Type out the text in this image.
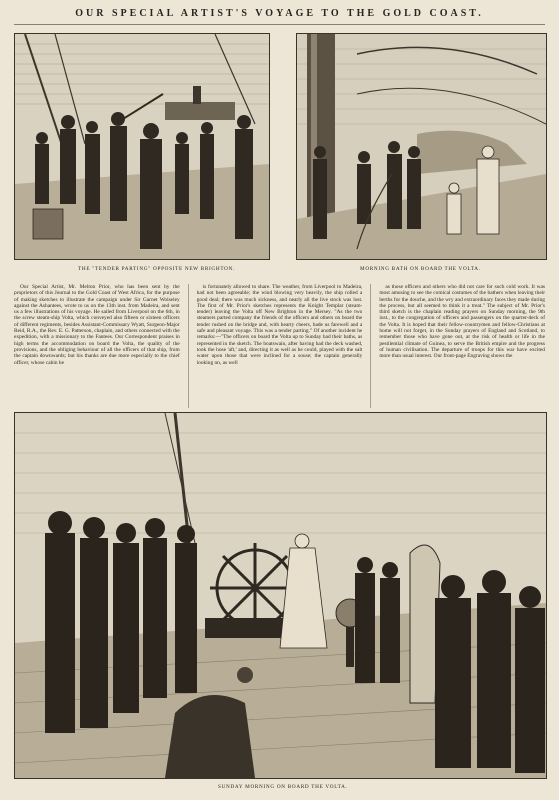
OUR SPECIAL ARTIST'S VOYAGE TO THE GOLD COAST.
THE "TENDER PARTING" OPPOSITE NEW BRIGHTON.	MORNING BATH ON BOARD THE VOLTA.

Our Special Artist, Mr. Melton Prior, who has been sent by the proprietors of this Journal to the Gold Coast of West Africa, for the purpose of making sketches to illustrate the campaign under Sir Garnet Wolseley against the Ashantees, wrote to us on the 13th inst. from Madeira, and sent us a few illustrations of his voyage. He sailed from Liverpool on the 6th, in the screw steam-ship Volta, which conveyed also fifteen or sixteen officers of different regiments, besides Assistant-Commissary Wyatt, Surgeon-Major Reid, R.A., the Rev. E. G. Patterson, chaplain, and others connected with the expedition, with a missionary to the Fantees. Our Correspondent praises in high terms the accommodation on board the Volta, the quality of the provisions, and the obliging behaviour of all the officers of that ship, from the captain downwards; but his thanks are due more especially to the chief officer, whose cabin he

is fortunately allowed to share. The weather, from Liverpool to Madeira, had not been agreeable; the wind blowing very heavily, the ship rolled a good deal; there was much sickness, and nearly all the live stock was lost. The first of Mr. Prior's sketches represents the Knight Templar (steam-tender) leaving the Volta off New Brighton in the Mersey. "As the two steamers parted company the friends of the officers and others on board the tender rushed on the bridge and, with hearty cheers, bade us farewell and a safe and pleasant voyage. This was a tender parting." Of another incident he remarks:—"The officers on board the Volta up to Sunday had their baths, as represented in the sketch. The boatswain, after having had the deck washed, took the hose 'aft,' and, directing it as well as he could, played with the salt water upon those that were inclined for a souse; the captain generally looking on, as well

as those officers and others who did not care for such cold work. It was most amusing to see the comical costumes of the bathers when leaving their berths for the douche, and the wry and extraordinary faces they made during the process, but all seemed to think it a treat." The subject of Mr. Prior's third sketch is the chaplain reading prayers on Sunday morning, the 9th inst., to the congregation of officers and passengers on the quarter-deck of the Volta. It is hoped that their fellow-countrymen and fellow-Christians at home will not forget, in the Sunday prayers of England and Scotland, to remember those who have gone out, at the risk of health or life in the pestilential climate of Guinea, to serve the British empire and the progress of human civilisation. The departure of troops for this war have excited more than usual interest. Our front-page Engraving shows the

SUNDAY MORNING ON BOARD THE VOLTA.
